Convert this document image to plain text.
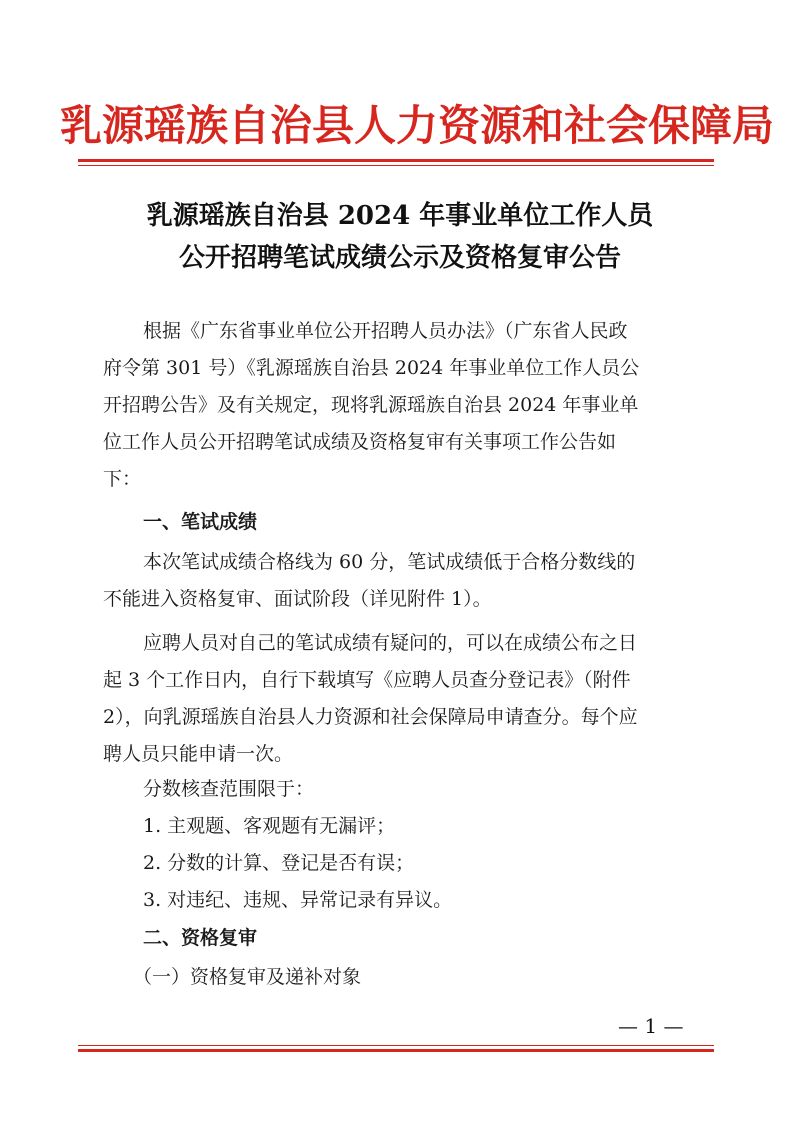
乳源瑶族自治县人力资源和社会保障局
乳源瑶族自治县 2024 年事业单位工作人员
公开招聘笔试成绩公示及资格复审公告
根据《广东省事业单位公开招聘人员办法》（广东省人民政
府令第 301 号）《乳源瑶族自治县 2024 年事业单位工作人员公
开招聘公告》及有关规定，现将乳源瑶族自治县 2024 年事业单
位工作人员公开招聘笔试成绩及资格复审有关事项工作公告如
下：
一、笔试成绩
本次笔试成绩合格线为 60 分，笔试成绩低于合格分数线的
不能进入资格复审、面试阶段（详见附件 1）。
应聘人员对自己的笔试成绩有疑问的，可以在成绩公布之日
起 3 个工作日内，自行下载填写《应聘人员查分登记表》（附件
2），向乳源瑶族自治县人力资源和社会保障局申请查分。每个应
聘人员只能申请一次。
分数核查范围限于：
1. 主观题、客观题有无漏评；
2. 分数的计算、登记是否有误；
3. 对违纪、违规、异常记录有异议。
二、资格复审
（一）资格复审及递补对象
— 1 —
